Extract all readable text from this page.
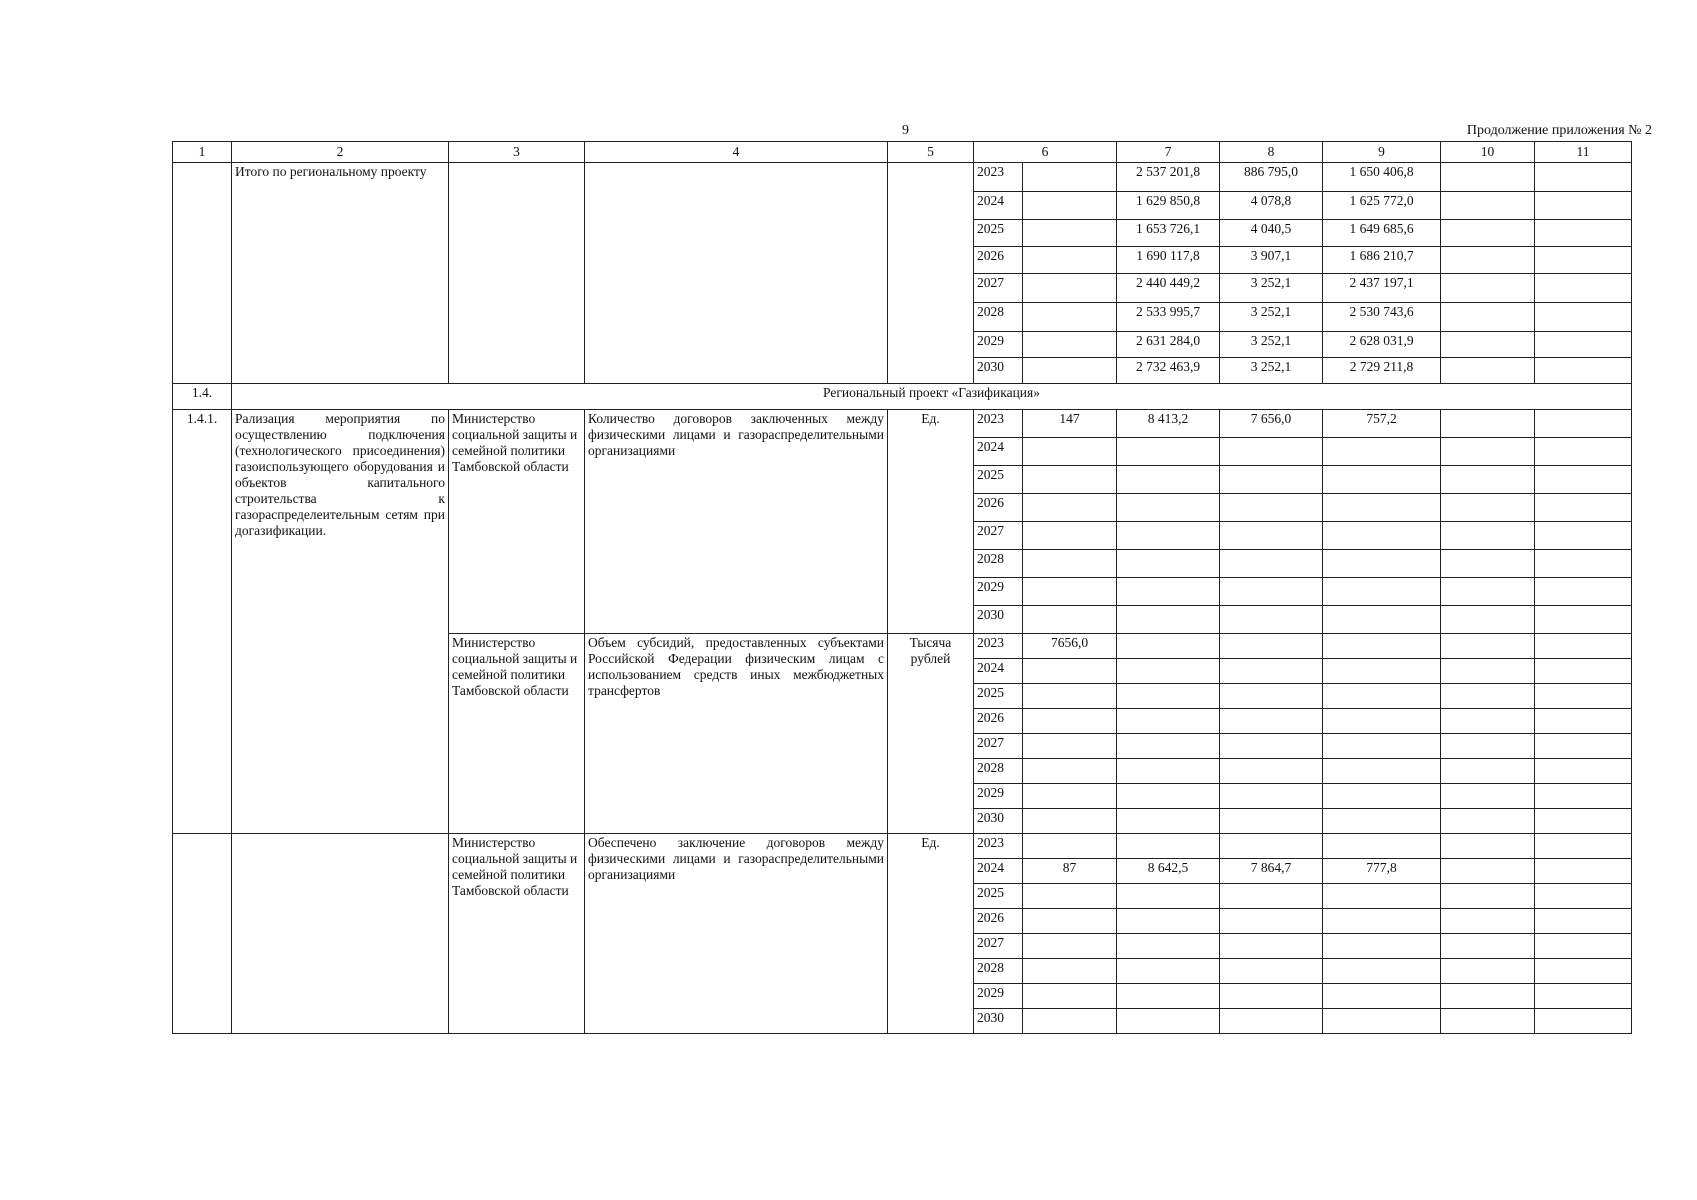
9	Продолжение приложения № 2
1	2	3	4	5	6		7	8	9	10	11
	Итого по региональному проекту				2023		2 537 201,8	886 795,0	1 650 406,8		
					2024		1 629 850,8	4 078,8	1 625 772,0		
					2025		1 653 726,1	4 040,5	1 649 685,6		
					2026		1 690 117,8	3 907,1	1 686 210,7		
					2027		2 440 449,2	3 252,1	2 437 197,1		
					2028		2 533 995,7	3 252,1	2 530 743,6		
					2029		2 631 284,0	3 252,1	2 628 031,9		
					2030		2 732 463,9	3 252,1	2 729 211,8		
1.4.	Региональный проект «Газификация»										
1.4.1.	Рализация мероприятия по осуществлению подключения (технологического присоединения) газоиспользующего оборудования и объектов капитального строительства к газораспределеительным сетям при догазификации.	Министерство социальной защиты и семейной политики Тамбовской области	Количество договоров заключенных между физическими лицами и газораспределительными организациями	Ед.	2023	147	8 413,2	7 656,0	757,2		
					2024						
					2025						
					2026						
					2027						
					2028						
					2029						
					2030						
		Министерство социальной защиты и семейной политики Тамбовской области	Объем субсидий, предоставленных субъектами Российской Федерации физическим лицам с использованием средств иных межбюджетных трансфертов	Тысяча рублей	2023	7656,0					
					2024						
					2025						
					2026						
					2027						
					2028						
					2029						
					2030						
		Министерство социальной защиты и семейной политики Тамбовской области	Обеспечено заключение договоров между физическими лицами и газораспределительными организациями	Ед.	2023						
					2024	87	8 642,5	7 864,7	777,8		
					2025						
					2026						
					2027						
					2028						
					2029						
					2030						
